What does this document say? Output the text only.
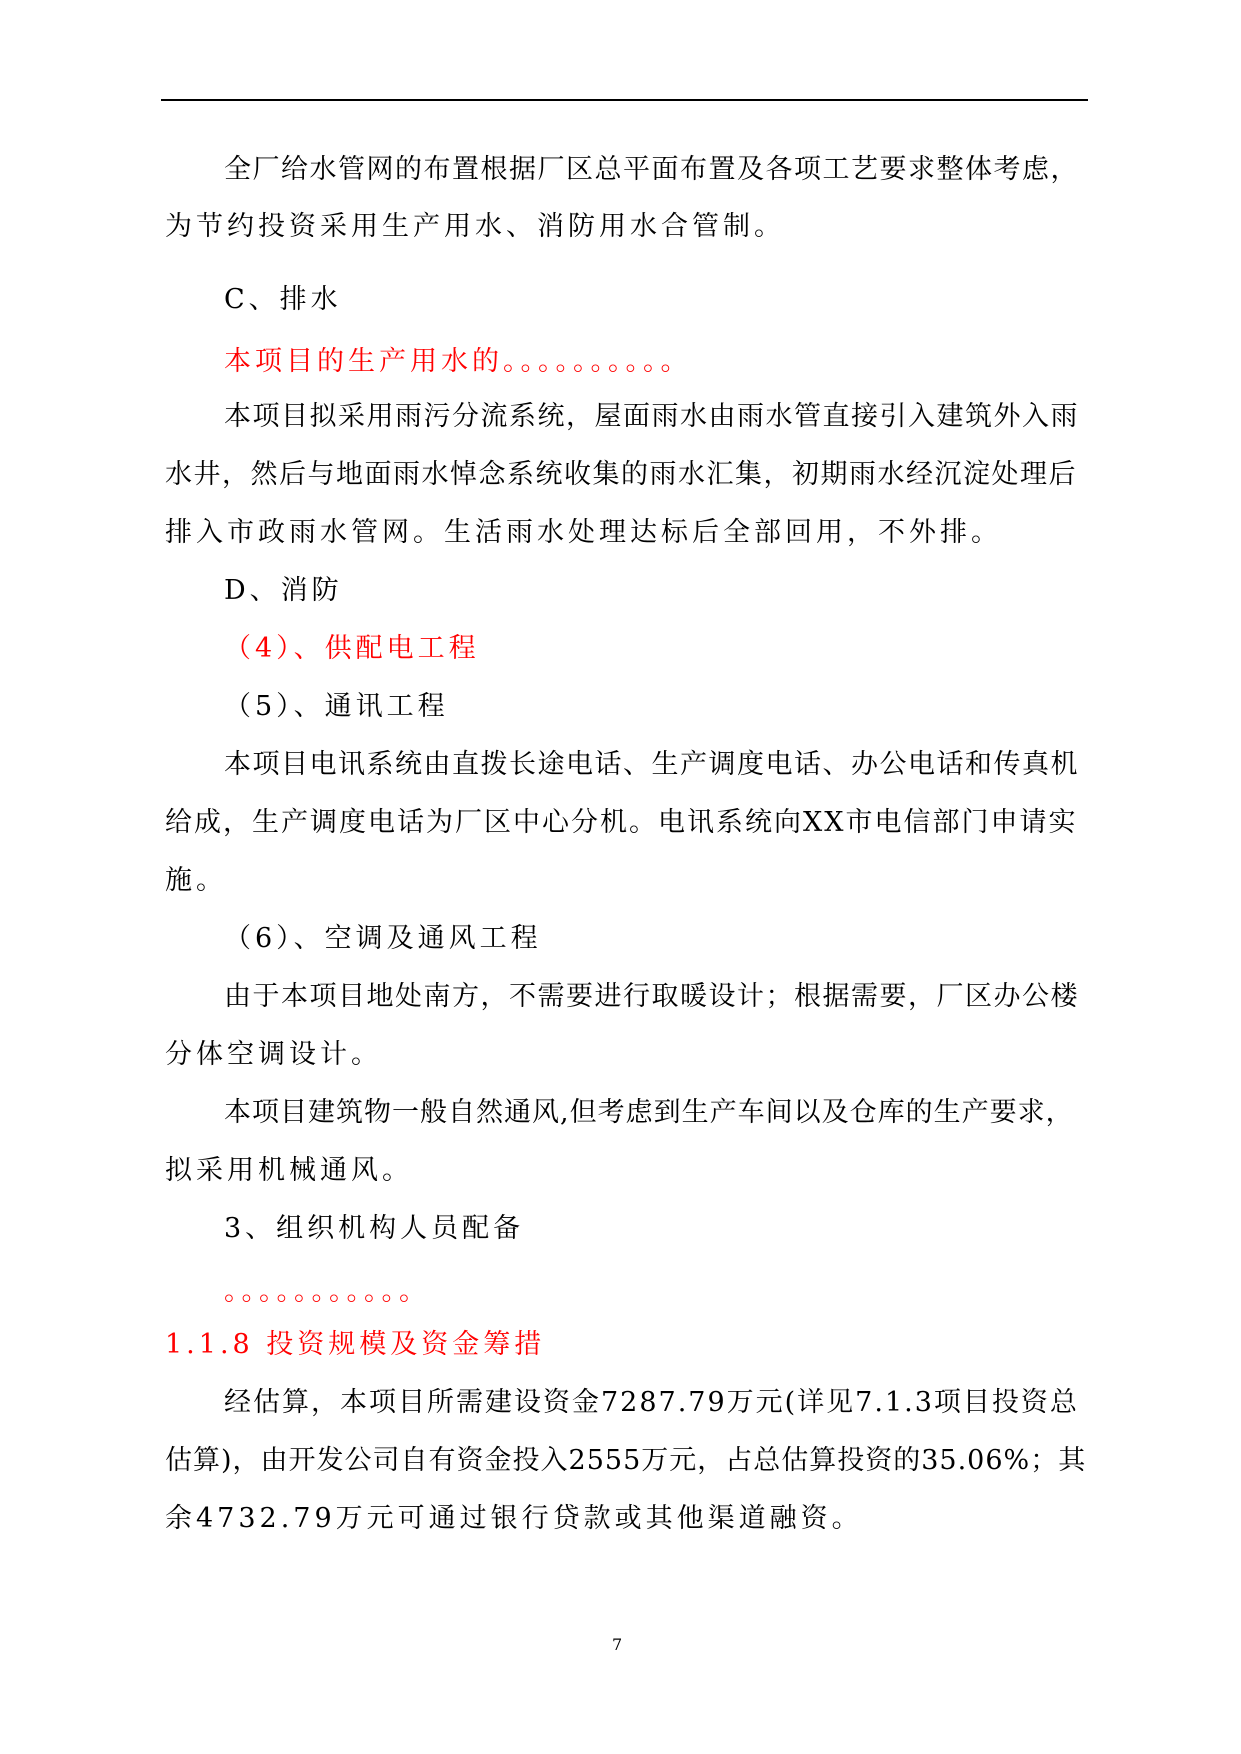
全厂给水管网的布置根据厂区总平面布置及各项工艺要求整体考虑，
为节约投资采用生产用水、消防用水合管制。
C、排水
本项目的生产用水的。。。。。。。。。。
本项目拟采用雨污分流系统，屋面雨水由雨水管直接引入建筑外入雨
水井，然后与地面雨水悼念系统收集的雨水汇集，初期雨水经沉淀处理后
排入市政雨水管网。生活雨水处理达标后全部回用，不外排。
D、消防
（4）、供配电工程
（5）、通讯工程
本项目电讯系统由直拨长途电话、生产调度电话、办公电话和传真机
给成，生产调度电话为厂区中心分机。电讯系统向XX市电信部门申请实
施。
（6）、空调及通风工程
由于本项目地处南方，不需要进行取暖设计；根据需要，厂区办公楼
分体空调设计。
本项目建筑物一般自然通风,但考虑到生产车间以及仓库的生产要求，
拟采用机械通风。
3、组织机构人员配备
。。。。。。。。。。。
1.1.8 投资规模及资金筹措
经估算，本项目所需建设资金7287.79万元(详见7.1.3项目投资总
估算)，由开发公司自有资金投入2555万元，占总估算投资的35.06%；其
余4732.79万元可通过银行贷款或其他渠道融资。
7
